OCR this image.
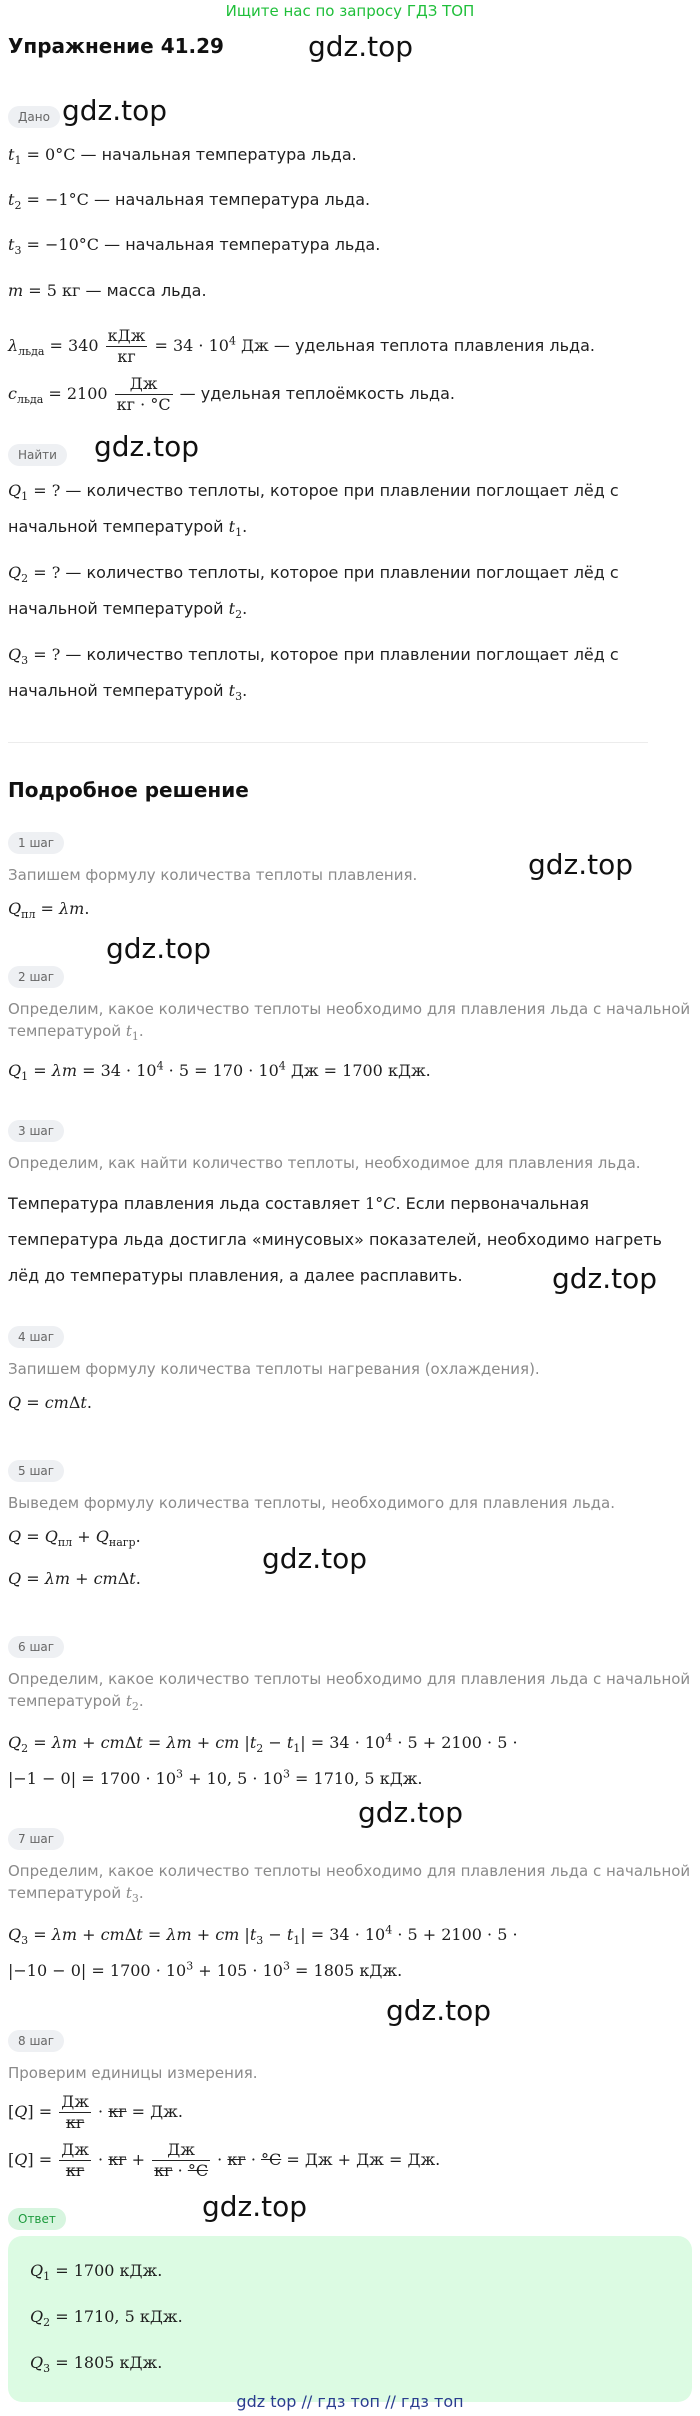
Ищите нас по запросу ГДЗ ТОП
Упражнение 41.29	gdz.top
Дано gdz.top
$t_1 = 0^\circ C$ — начальная температура льда.
$t_2 = -1^\circ C$ — начальная температура льда.
$t_3 = -10^\circ C$ — начальная температура льда.
m = 5 кг — масса льда.
$\lambda_{льда} = 340 \frac{\text{кДж}}{кг} = 34 \cdot 10^4$ Дж — удельная теплота плавления льда.
$c_{льда} = 2100 \frac{Дж}{кг \cdot ^\circ C}$ — удельная теплоёмкость льда.
Найти	gdz.top
$Q_1$ = ? — количество теплоты, которое при плавлении поглощает лёд с
начальной температурой $t_1$.
$Q_2$ = ? — количество теплоты, которое при плавлении поглощает лёд с
начальной температурой $t_2$.
$Q_3$ = ? — количество теплоты, которое при плавлении поглощает лёд с
начальной температурой $t_3$.
Подробное решение
1 шаг
gdz.top
Запишем формулу количества теплоты плавления.
$Q_{пл} = \lambda m$.
gdz.top
2 шаг
Определим, какое количество теплоты необходимо для плавления льда с начальной
температурой $t_1$.
$Q_1 = \lambda m = 34 \cdot 10^4 \cdot 5 = 170 \cdot 10^4$ Дж = 1700 кДж.
3 шаг
Определим, как найти количество теплоты, необходимое для плавления льда.
Температура плавления льда составляет 1°C. Если первоначальная
температура льда достигла «минусовых» показателей, необходимо нагреть
лёд до температуры плавления, а далее расплавить.	gdz.top
4 шаг
Запишем формулу количества теплоты нагревания (охлаждения).
Q = cmΔt.
5 шаг
Выведем формулу количества теплоты, необходимого для плавления льда.
$Q = Q_{пл} + Q_{нагр}$.
Q = λm + cmΔt.
gdz.top
6 шаг
Определим, какое количество теплоты необходимо для плавления льда с начальной
температурой $t_2$.
$Q_2 = \lambda m + cm\Delta t = \lambda m$ + cm $|t_2 - t_1| = 34 \cdot 10^4 \cdot 5 + 2100 \cdot 5$ ·
$|-1 - 0| = 1700 \cdot 10^3 + 10$, $5 \cdot 10^3 = 1710$, 5 кДж.
gdz.top
7 шаг
Определим, какое количество теплоты необходимо для плавления льда с начальной
температурой $t_3$.
$Q_3 = \lambda m + cm\Delta t = \lambda m$ + cm $|t_3 - t_1| = 34 \cdot 10^4 \cdot 5 + 2100 \cdot 5$ ·
$|-10 - 0| = 1700 \cdot 10^3 + 105 \cdot 10^3 = 1805$ кДж.
gdz.top
8 шаг
Проверим единицы измерения.
$[Q] = \frac{Дж}{кг}$ · кг = Дж.
$[Q] = \frac{Дж}{кг}$ · кг + $\frac{Дж}{кг \cdot ^\circ C}$ · кг · °C = Дж + Дж = Дж.
Ответ	gdz.top
$Q_1 = 1700$ кДж.
$Q_2 = 1710$, 5 кДж.
$Q_3 = 1805$ кДж.
gdz top // гдз топ // гдз топ
